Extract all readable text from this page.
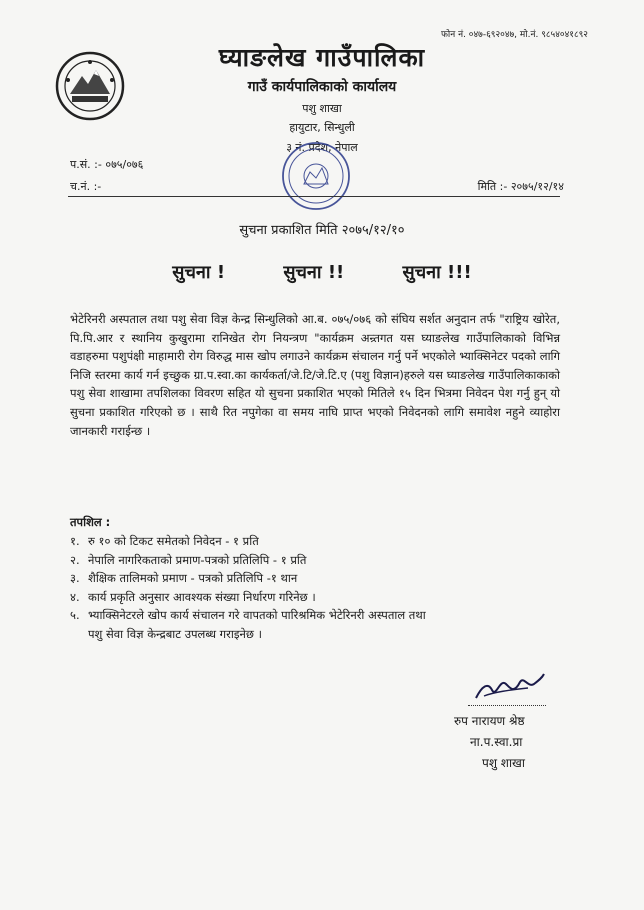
फोन नं. ०४७-६९२०४७, मो.नं. ९८५४०४१८९२
घ्याङलेख गाउँपालिका
गाउँ कार्यपालिकाको कार्यालय
पशु शाखा
हायुटार, सिन्धुली
३ नं. प्रदेश, नेपाल
प.सं. :- ०७५/०७६
च.नं. :-	मिति :- २०७५/१२/१४
सुचना प्रकाशित मिति २०७५/१२/१०
सुचना !	सुचना !!	सुचना !!!
भेटेरिनरी अस्पताल तथा पशु सेवा विज्ञ केन्द्र सिन्धुलिको आ.ब. ०७५/०७६ को संघिय सर्शत अनुदान तर्फ "राष्ट्रिय खोरेत, पि.पि.आर र स्थानिय कुखुरामा रानिखेत रोग नियन्त्रण "कार्यक्रम अन्र्तगत यस घ्याङलेख गाउँपालिकाको विभिन्न वडाहरुमा पशुपंक्षी माहामारी रोग विरुद्ध मास खोप लगाउने कार्यक्रम संचालन गर्नु पर्ने भएकोले भ्याक्सिनेटर पदको लागि निजि स्तरमा कार्य गर्न इच्छुक ग्रा.प.स्वा.का कार्यकर्ता/जे.टि/जे.टि.ए (पशु विज्ञान)हरुले यस घ्याङलेख गाउँपालिकाकाको पशु सेवा शाखामा तपशिलका विवरण सहित यो सुचना प्रकाशित भएको मितिले १५ दिन भित्रमा निवेदन पेश गर्नु हुन् यो सुचना प्रकाशित गरिएको छ । साथै रित नपुगेका वा समय नाघि प्राप्त भएको निवेदनको लागि समावेश नहुने व्याहोरा जानकारी गराईन्छ ।
तपशिल :
१. रु १० को टिकट समेतको निवेदन - १ प्रति
२. नेपालि नागरिकताको प्रमाण-पत्रको प्रतिलिपि - १ प्रति
३. शैक्षिक तालिमको प्रमाण - पत्रको प्रतिलिपि -१ थान
४. कार्य प्रकृति अनुसार आवश्यक संख्या निर्धारण गरिनेछ ।
५. भ्याक्सिनेटरले खोप कार्य संचालन गरे वापतको पारिश्रमिक भेटेरिनरी अस्पताल तथा
पशु सेवा विज्ञ केन्द्रबाट उपलब्ध गराइनेछ ।
रुप नारायण श्रेष्ठ
ना.प.स्वा.प्रा
पशु शाखा
